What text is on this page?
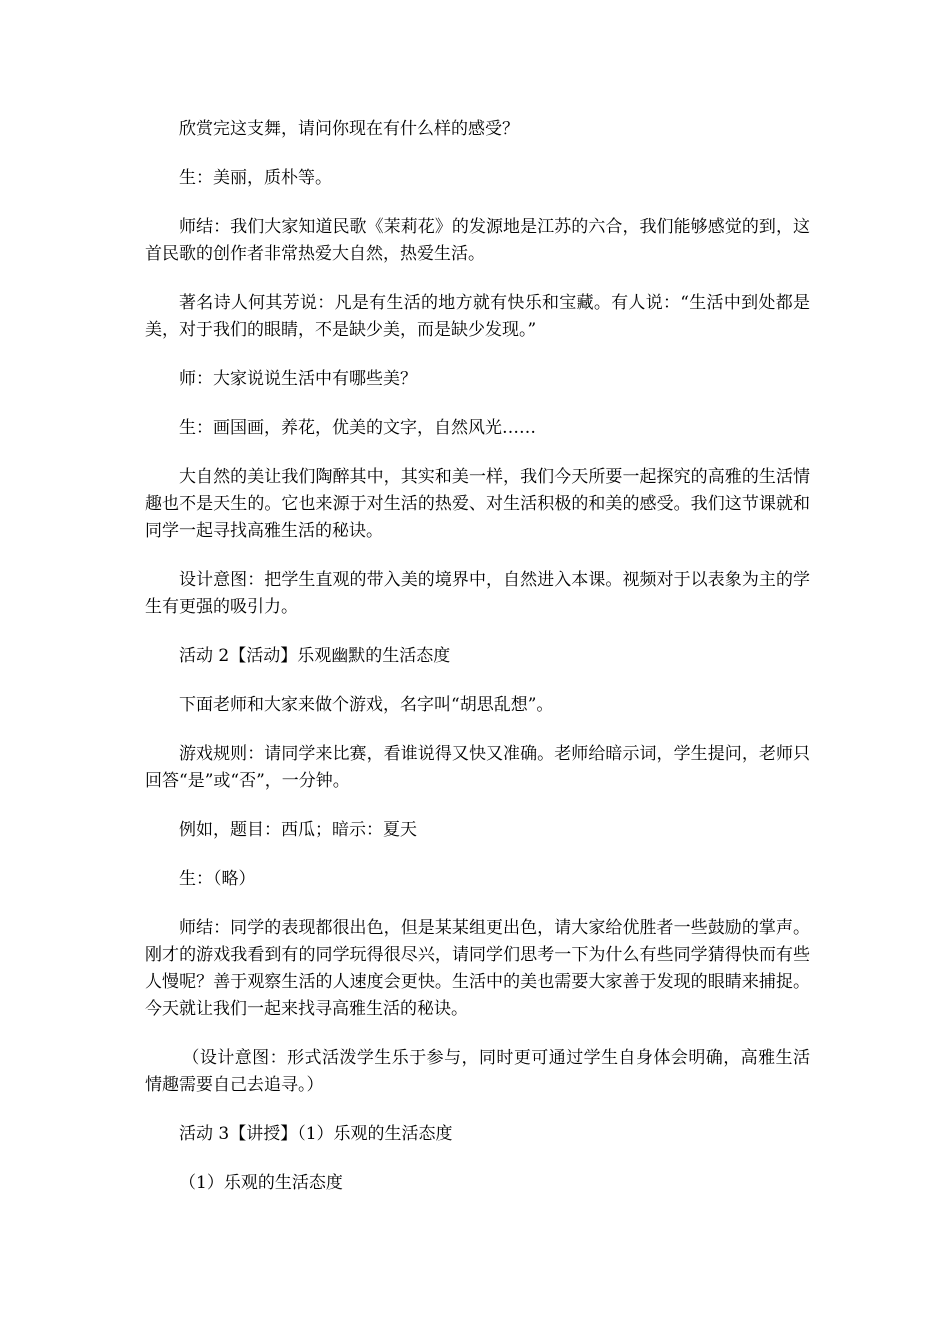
欣赏完这支舞，请问你现在有什么样的感受？

生：美丽，质朴等。

师结：我们大家知道民歌《茉莉花》的发源地是江苏的六合，我们能够感觉的到，这首民歌的创作者非常热爱大自然，热爱生活。

著名诗人何其芳说：凡是有生活的地方就有快乐和宝藏。有人说：“生活中到处都是美，对于我们的眼睛，不是缺少美，而是缺少发现。”

师：大家说说生活中有哪些美？

生：画国画，养花，优美的文字，自然风光……

大自然的美让我们陶醉其中，其实和美一样，我们今天所要一起探究的高雅的生活情趣也不是天生的。它也来源于对生活的热爱、对生活积极的和美的感受。我们这节课就和同学一起寻找高雅生活的秘诀。

设计意图：把学生直观的带入美的境界中，自然进入本课。视频对于以表象为主的学生有更强的吸引力。

活动 2【活动】乐观幽默的生活态度

下面老师和大家来做个游戏，名字叫“胡思乱想”。

游戏规则：请同学来比赛，看谁说得又快又准确。老师给暗示词，学生提问，老师只回答“是”或“否”，一分钟。

例如，题目：西瓜；暗示：夏天

生：（略）

师结：同学的表现都很出色，但是某某组更出色，请大家给优胜者一些鼓励的掌声。刚才的游戏我看到有的同学玩得很尽兴，请同学们思考一下为什么有些同学猜得快而有些人慢呢？善于观察生活的人速度会更快。生活中的美也需要大家善于发现的眼睛来捕捉。今天就让我们一起来找寻高雅生活的秘诀。

（设计意图：形式活泼学生乐于参与，同时更可通过学生自身体会明确，高雅生活情趣需要自己去追寻。）

活动 3【讲授】（1）乐观的生活态度

（1）乐观的生活态度
